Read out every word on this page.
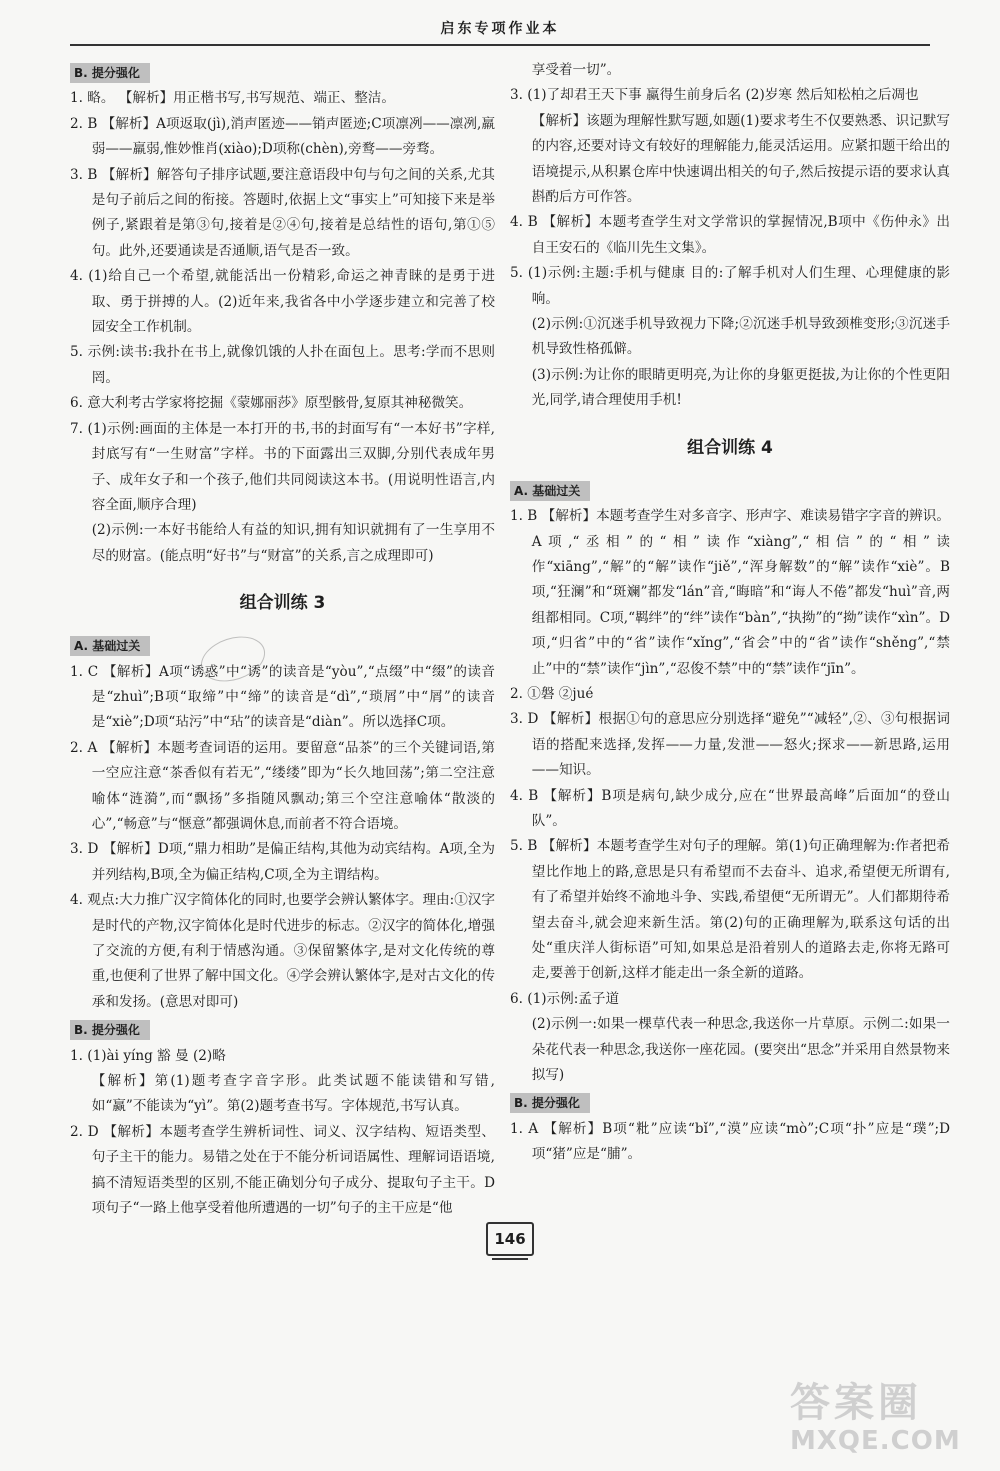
启东专项作业本
B. 提分强化
1. 略。 【解析】用正楷书写,书写规范、端正、整洁。
2. B 【解析】A项返取(jì),消声匿迹——销声匿迹;C项凛冽——凛冽,羸弱——羸弱,惟妙惟肖(xiào);D项称(chèn),旁鹜——旁骛。
3. B 【解析】解答句子排序试题,要注意语段中句与句之间的关系,尤其是句子前后之间的衔接。答题时,依据上文“事实上”可知接下来是举例子,紧跟着是第③句,接着是②④句,接着是总结性的语句,第①⑤句。此外,还要通读是否通顺,语气是否一致。
4. (1)给自己一个希望,就能活出一份精彩,命运之神青睐的是勇于进取、勇于拼搏的人。(2)近年来,我省各中小学逐步建立和完善了校园安全工作机制。
5. 示例:读书:我扑在书上,就像饥饿的人扑在面包上。思考:学而不思则罔。
6. 意大利考古学家将挖掘《蒙娜丽莎》原型骸骨,复原其神秘微笑。
7. (1)示例:画面的主体是一本打开的书,书的封面写有“一本好书”字样,封底写有“一生财富”字样。书的下面露出三双脚,分别代表成年男子、成年女子和一个孩子,他们共同阅读这本书。(用说明性语言,内容全面,顺序合理)
(2)示例:一本好书能给人有益的知识,拥有知识就拥有了一生享用不尽的财富。(能点明“好书”与“财富”的关系,言之成理即可)
组合训练 3
A. 基础过关
1. C 【解析】A项“诱惑”中“诱”的读音是“yòu”,“点缀”中“缀”的读音是“zhuì”;B项“取缔”中“缔”的读音是“dì”,“琐屑”中“屑”的读音是“xiè”;D项“玷污”中“玷”的读音是“diàn”。所以选择C项。
2. A 【解析】本题考查词语的运用。要留意“品茶”的三个关键词语,第一空应注意“茶香似有若无”,“缕缕”即为“长久地回荡”;第二空注意喻体“涟漪”,而“飘扬”多指随风飘动;第三个空注意喻体“散淡的心”,“畅意”与“惬意”都强调休息,而前者不符合语境。
3. D 【解析】D项,“鼎力相助”是偏正结构,其他为动宾结构。A项,全为并列结构,B项,全为偏正结构,C项,全为主谓结构。
4. 观点:大力推广汉字简体化的同时,也要学会辨认繁体字。理由:①汉字是时代的产物,汉字简体化是时代进步的标志。②汉字的简体化,增强了交流的方便,有利于情感沟通。③保留繁体字,是对文化传统的尊重,也便利了世界了解中国文化。④学会辨认繁体字,是对古文化的传承和发扬。(意思对即可)
B. 提分强化
1. (1)ài yíng 豁 曼 (2)略
【解析】第(1)题考查字音字形。此类试题不能读错和写错,如“赢”不能读为“yì”。第(2)题考查书写。字体规范,书写认真。
2. D 【解析】本题考查学生辨析词性、词义、汉字结构、短语类型、句子主干的能力。易错之处在于不能分析词语属性、理解词语语境,搞不清短语类型的区别,不能正确划分句子成分、提取句子主干。D项句子“一路上他享受着他所遭遇的一切”句子的主干应是“他
享受着一切”。
3. (1)了却君王天下事 赢得生前身后名 (2)岁寒 然后知松柏之后凋也
【解析】该题为理解性默写题,如题(1)要求考生不仅要熟悉、识记默写的内容,还要对诗文有较好的理解能力,能灵活运用。应紧扣题干给出的语境提示,从积累仓库中快速调出相关的句子,然后按提示语的要求认真斟酌后方可作答。
4. B 【解析】本题考查学生对文学常识的掌握情况,B项中《伤仲永》出自王安石的《临川先生文集》。
5. (1)示例:主题:手机与健康 目的:了解手机对人们生理、心理健康的影响。
(2)示例:①沉迷手机导致视力下降;②沉迷手机导致颈椎变形;③沉迷手机导致性格孤僻。
(3)示例:为让你的眼睛更明亮,为让你的身躯更挺拔,为让你的个性更阳光,同学,请合理使用手机!
组合训练 4
A. 基础过关
1. B 【解析】本题考查学生对多音字、形声字、难读易错字字音的辨识。A项,“丞相”的“相”读作“xiàng”,“相信”的“相”读作“xiāng”,“解”的“解”读作“jiě”,“浑身解数”的“解”读作“xiè”。B项,“狂澜”和“斑斓”都发“lán”音,“晦暗”和“诲人不倦”都发“huì”音,两组都相同。C项,“羁绊”的“绊”读作“bàn”,“执拗”的“拗”读作“xìn”。D项,“归省”中的“省”读作“xǐng”,“省会”中的“省”读作“shěng”,“禁止”中的“禁”读作“jìn”,“忍俊不禁”中的“禁”读作“jīn”。
2. ①磐 ②jué
3. D 【解析】根据①句的意思应分别选择“避免”“减轻”,②、③句根据词语的搭配来选择,发挥——力量,发泄——怒火;探求——新思路,运用——知识。
4. B 【解析】B项是病句,缺少成分,应在“世界最高峰”后面加“的登山队”。
5. B 【解析】本题考查学生对句子的理解。第(1)句正确理解为:作者把希望比作地上的路,意思是只有希望而不去奋斗、追求,希望便无所谓有,有了希望并始终不渝地斗争、实践,希望便“无所谓无”。人们都期待希望去奋斗,就会迎来新生活。第(2)句的正确理解为,联系这句话的出处“重庆洋人街标语”可知,如果总是沿着别人的道路去走,你将无路可走,要善于创新,这样才能走出一条全新的道路。
6. (1)示例:孟子道
(2)示例一:如果一棵草代表一种思念,我送你一片草原。示例二:如果一朵花代表一种思念,我送你一座花园。(要突出“思念”并采用自然景物来拟写)
B. 提分强化
1. A 【解析】B项“粃”应读“bǐ”,“漠”应读“mò”;C项“扑”应是“璞”;D项“猪”应是“脯”。
146
答案圈
MXQE.COM
